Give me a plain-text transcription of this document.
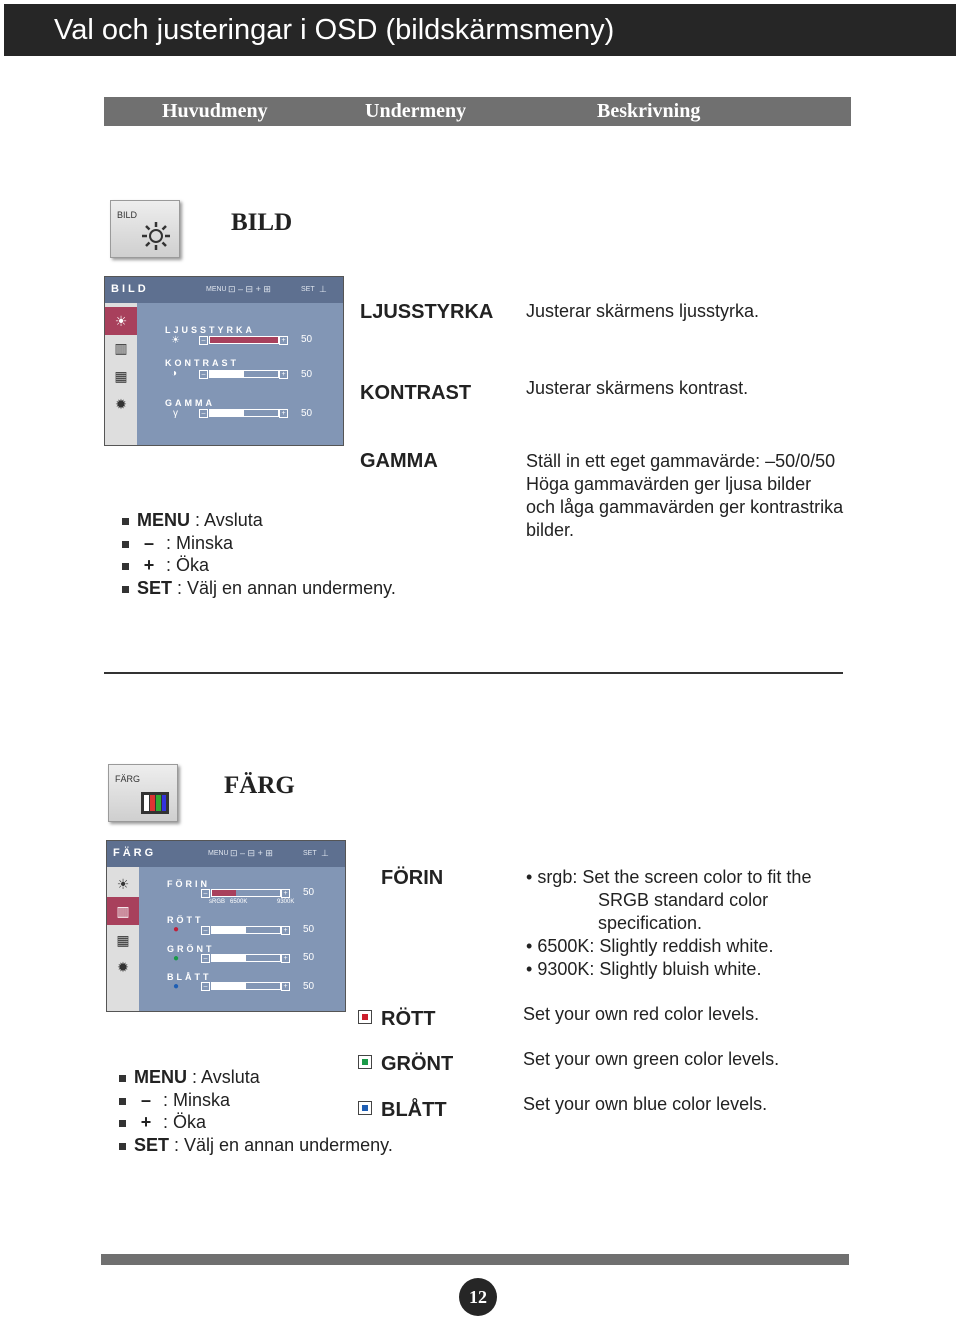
Val och justeringar i OSD (bildskärmsmeny)
Huvudmeny	Undermeny	Beskrivning
BILD	BILD
BILD	MENU ⊡ – ⊟ + ⊞	SET ⊥
☀
▥
▦
✹
LJUSSTYRKA
☀	–	+ 50
KONTRAST
◑	–	+ 50
GAMMA
γ	–	+ 50
LJUSSTYRKA Justerar skärmens ljusstyrka.
KONTRAST	Justerar skärmens kontrast.
GAMMA	Ställ in ett eget gammavärde: –50/0/50
Höga gammavärden ger ljusa bilder
och låga gammavärden ger kontrastrika
bilder.
MENU : Avsluta
– : Minska
+ : Öka
SET : Välj en annan undermeny.
FÄRG	FÄRG
FÄRG	MENU ⊡ – ⊟ + ⊞	SET ⊥
☀
▥
▦
✹
FÖRIN
–	+
sRGB 6500K	9300K
50
RÖTT
●	–	+ 50
GRÖNT
●	–	+ 50
BLÅTT
●	–	+ 50
FÖRIN
•	srgb: Set the screen color to fit the
SRGB standard color
specification.
• 6500K: Slightly reddish white.
• 9300K: Slightly bluish white.
RÖTT	Set your own red color levels.
GRÖNT	Set your own green color levels.
BLÅTT	Set your own blue color levels.
MENU : Avsluta
– : Minska
+ : Öka
SET : Välj en annan undermeny.
12
